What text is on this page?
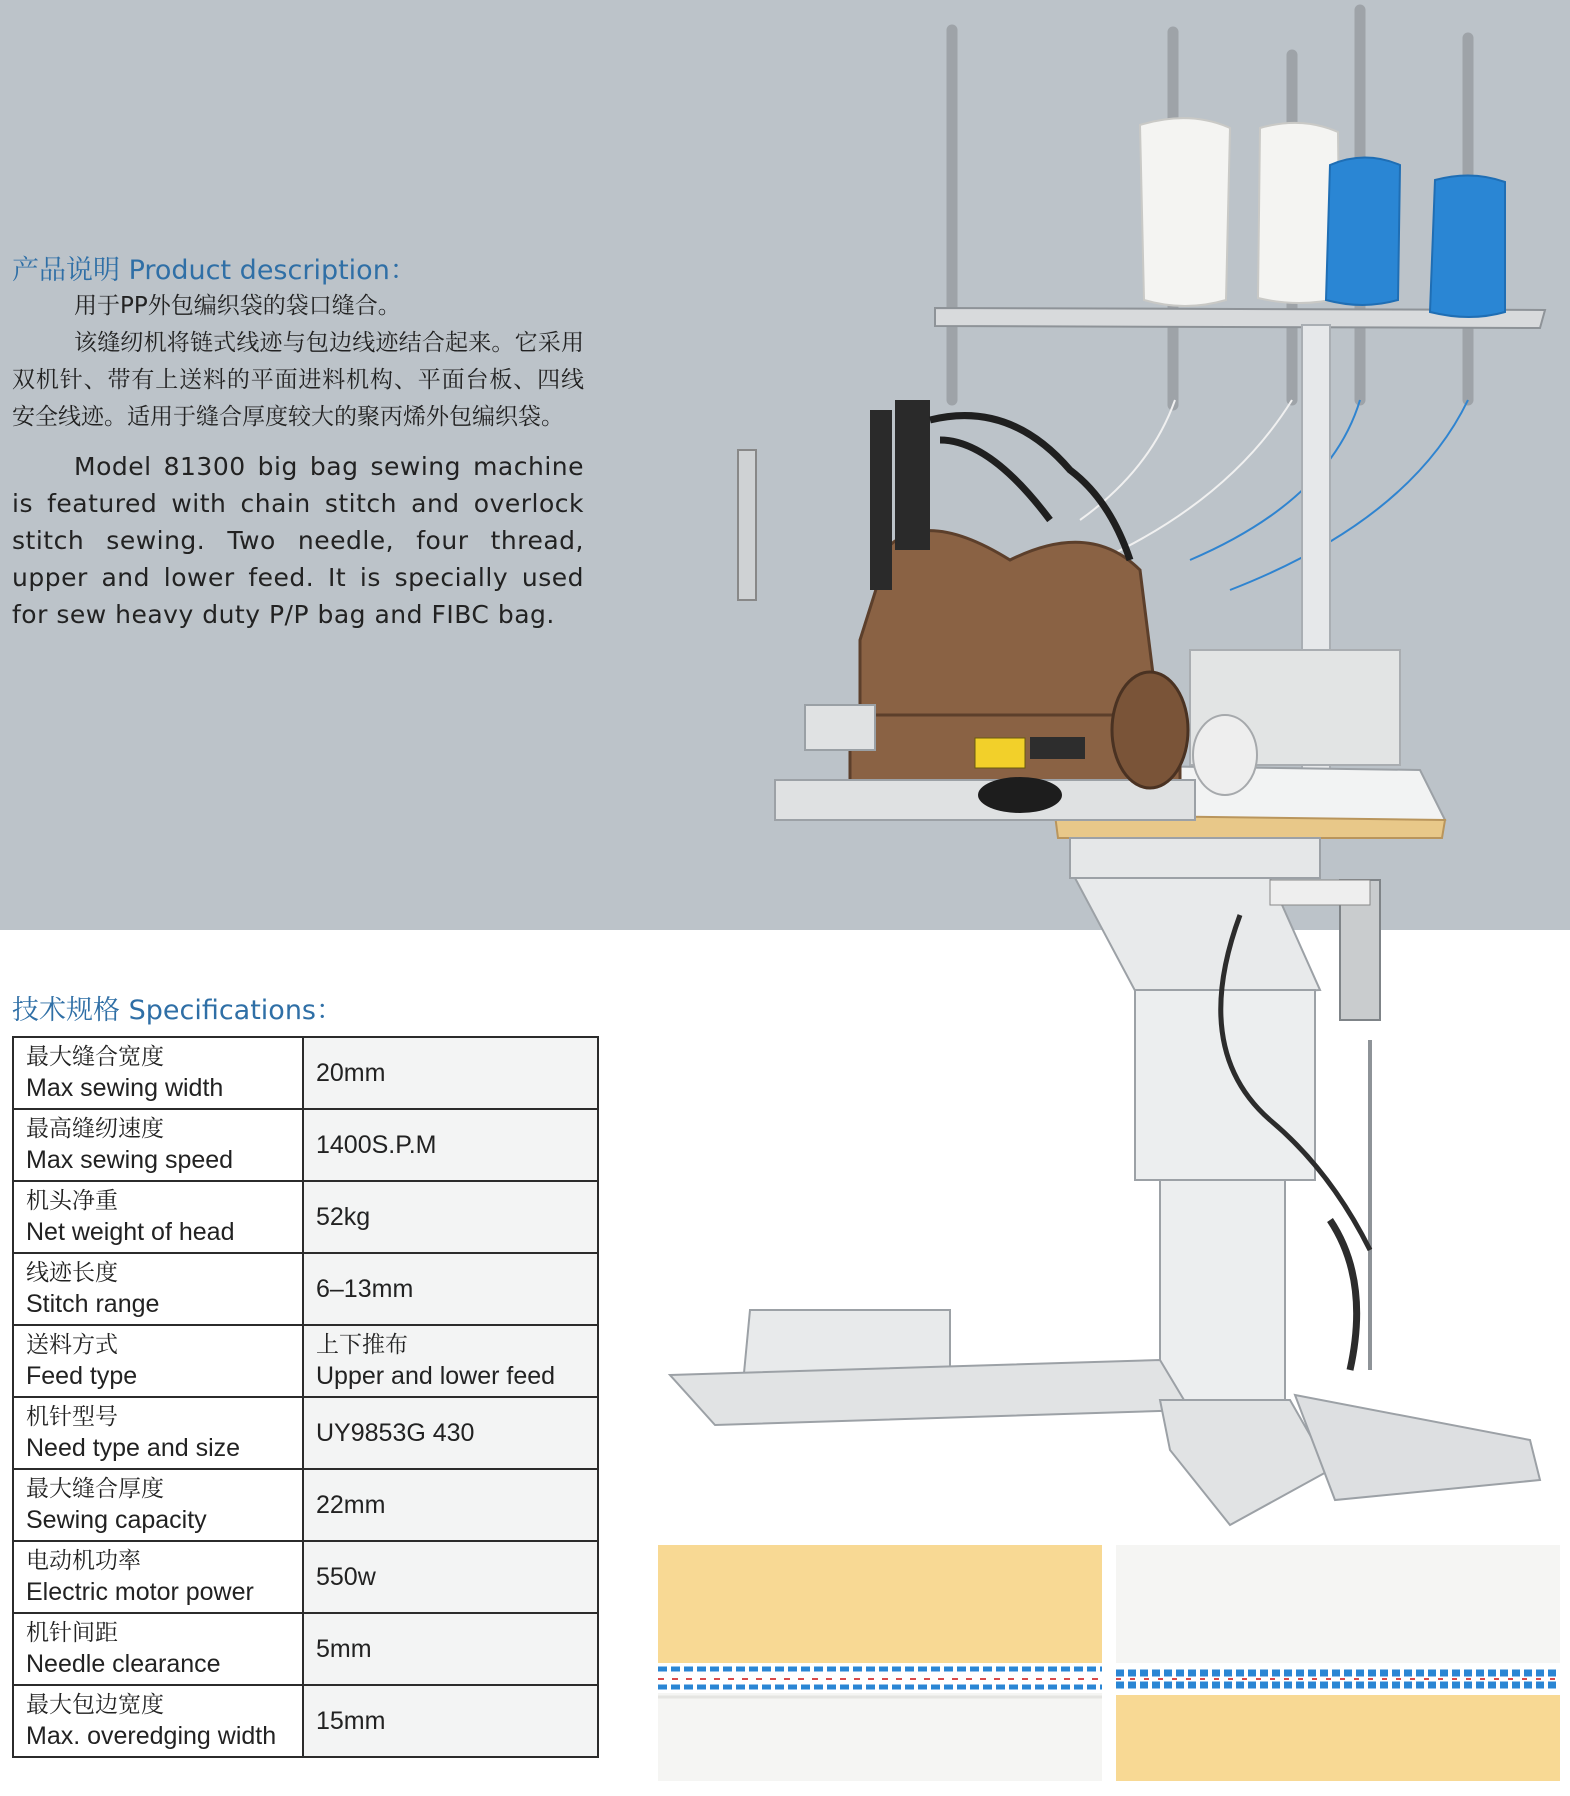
产品说明 Product description：

用于PP外包编织袋的袋口缝合。

该缝纫机将链式线迹与包边线迹结合起来。它采用双机针、带有上送料的平面进料机构、平面台板、四线安全线迹。适用于缝合厚度较大的聚丙烯外包编织袋。

Model 81300 big bag sewing machine is featured with chain stitch and overlock stitch sewing. Two needle, four thread, upper and lower feed. It is specially used for sew heavy duty P/P bag and FIBC bag.

技术规格 Specifications：
最大缝合宽度
Max sewing width	20mm

最高缝纫速度
Max sewing speed	1400S.P.M

机头净重
Net weight of head	52kg

线迹长度
Stitch range	6–13mm

送料方式
Feed type	上下推布
Upper and lower feed

机针型号
Need type and size	UY9853G 430

最大缝合厚度
Sewing capacity	22mm

电动机功率
Electric motor power	550w

机针间距
Needle clearance	5mm

最大包边宽度
Max. overedging width	15mm
